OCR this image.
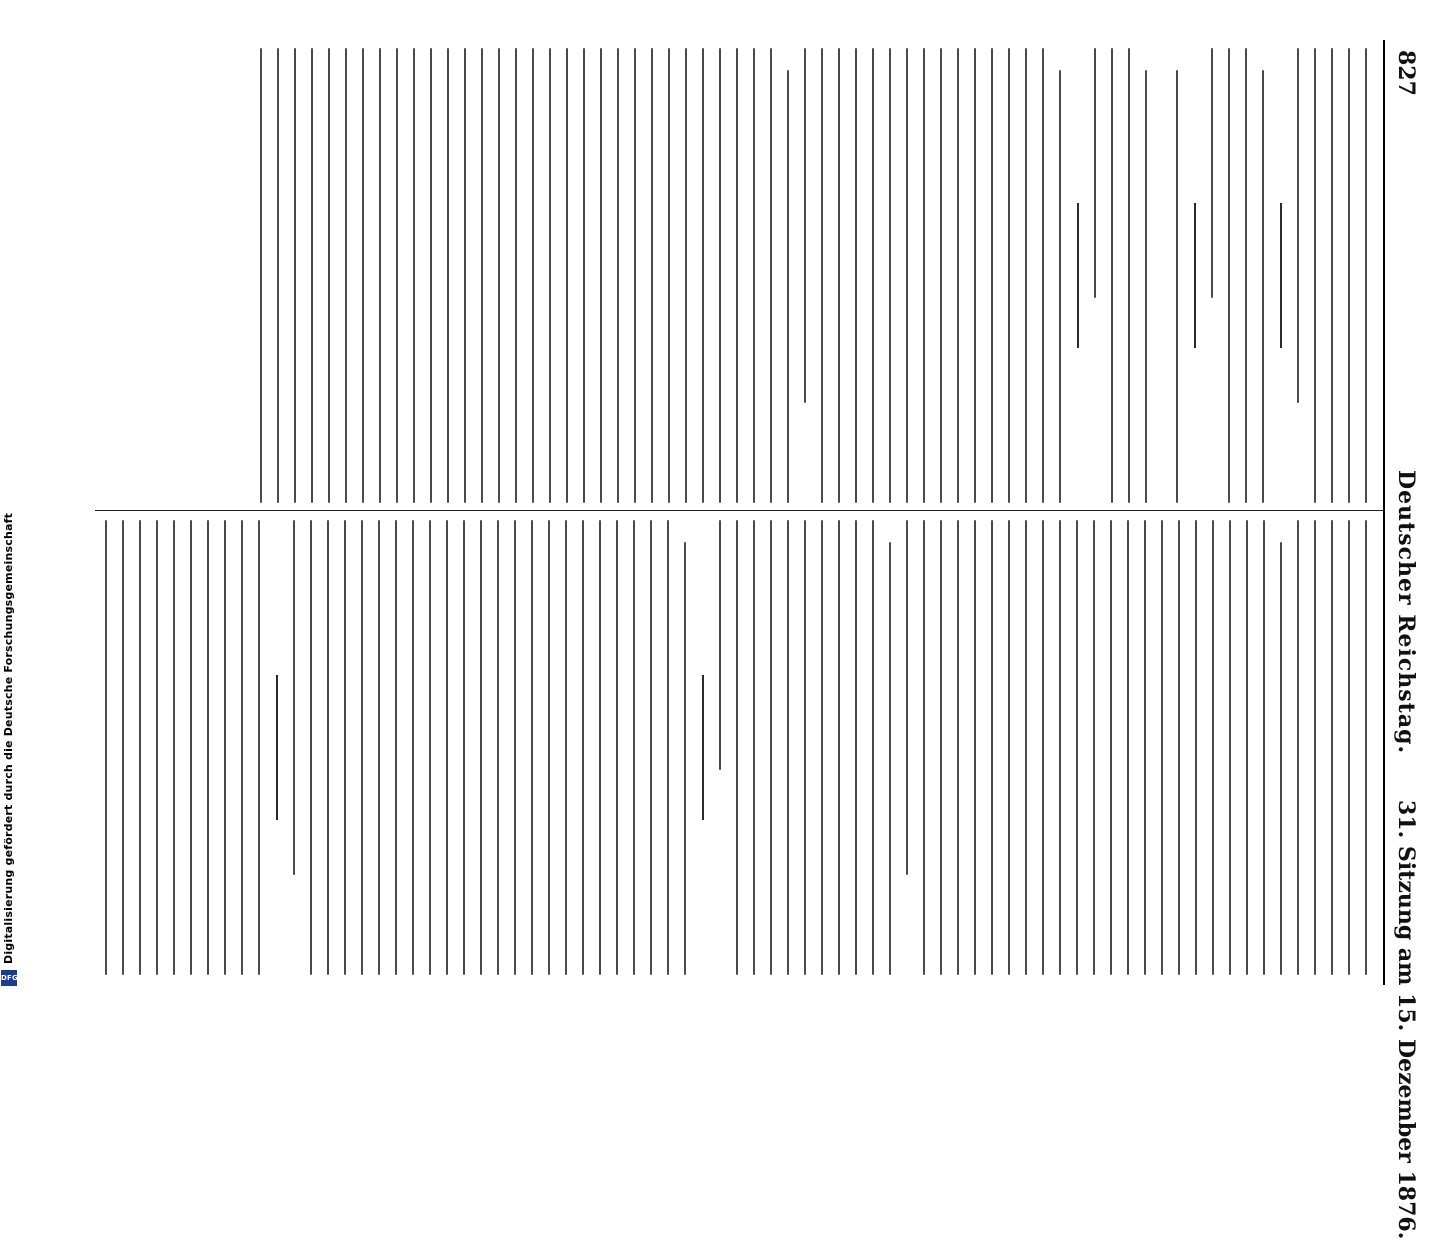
DFG
Digitalisierung gefördert durch die Deutsche Forschungsgemeinschaft
827
Deutscher Reichstag.
31. Sitzung am 15. Dezember 1876.
